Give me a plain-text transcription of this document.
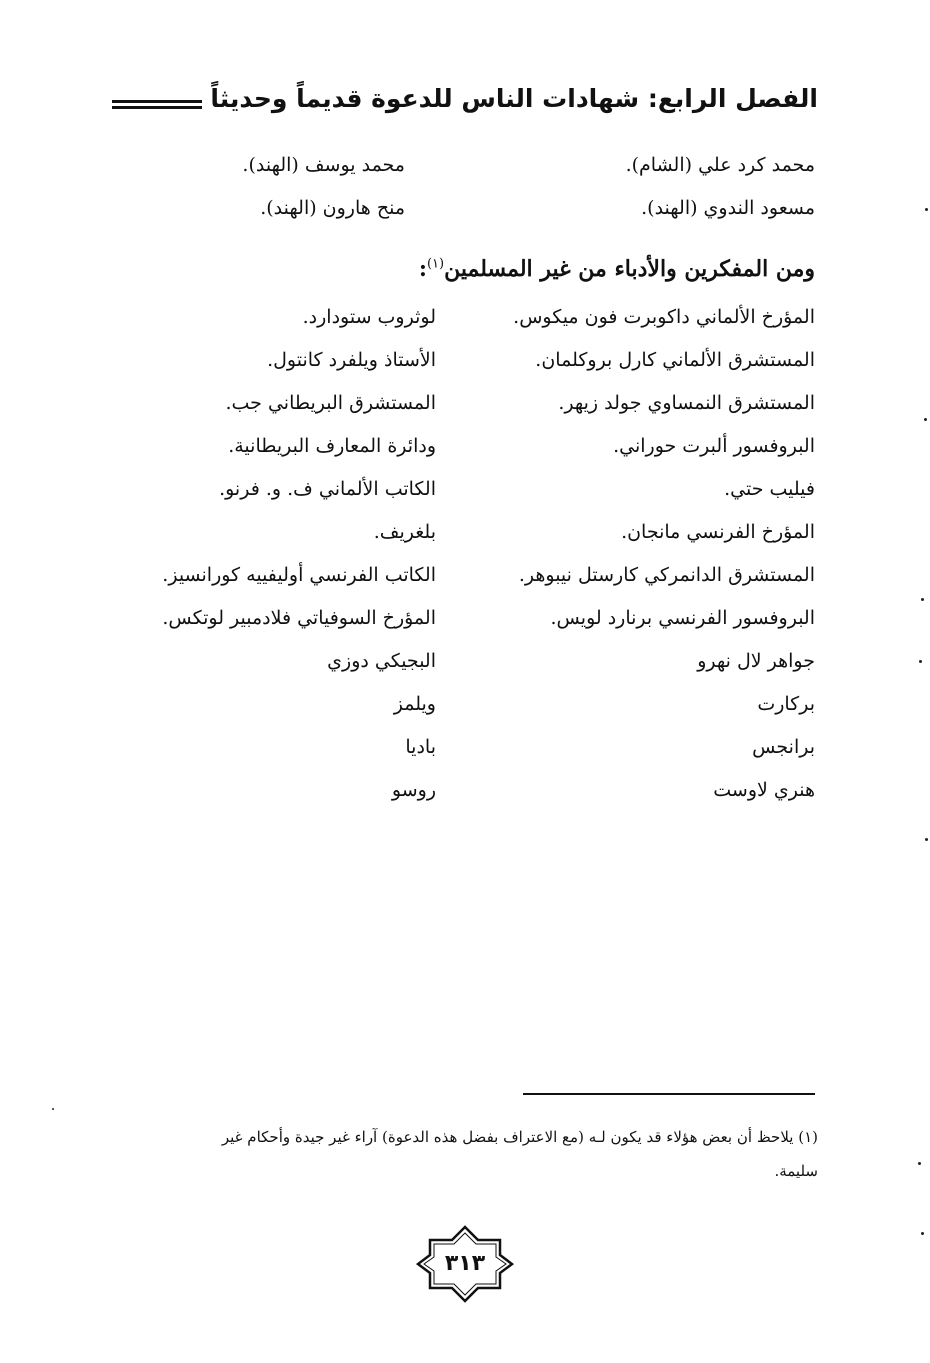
الفصل الرابع: شهادات الناس للدعوة قديماً وحديثاً
محمد كرد علي (الشام).
مسعود الندوي (الهند).
محمد يوسف (الهند).
منح هارون (الهند).
ومن المفكرين والأدباء من غير المسلمين$^{(١)}$:
المؤرخ الألماني داكوبرت فون ميكوس.
المستشرق الألماني كارل بروكلمان.
المستشرق النمساوي جولد زيهر.
البروفسور ألبرت حوراني.
فيليب حتي.
المؤرخ الفرنسي مانجان.
المستشرق الدانمركي كارستل نيبوهر.
البروفسور الفرنسي برنارد لويس.
جواهر لال نهرو
بركارت
برانجس
هنري لاوست
لوثروب ستودارد.
الأستاذ ويلفرد كانتول.
المستشرق البريطاني جب.
ودائرة المعارف البريطانية.
الكاتب الألماني ف. و. فرنو.
بلغريف.
الكاتب الفرنسي أوليفييه كورانسيز.
المؤرخ السوفياتي فلادمبير لوتكس.
البجيكي دوزي
ويلمز
باديا
روسو
(١) يلاحظ أن بعض هؤلاء قد يكون لـه (مع الاعتراف بفضل هذه الدعوة) آراء غير جيدة وأحكام غير
سليمة.
٣١٣
